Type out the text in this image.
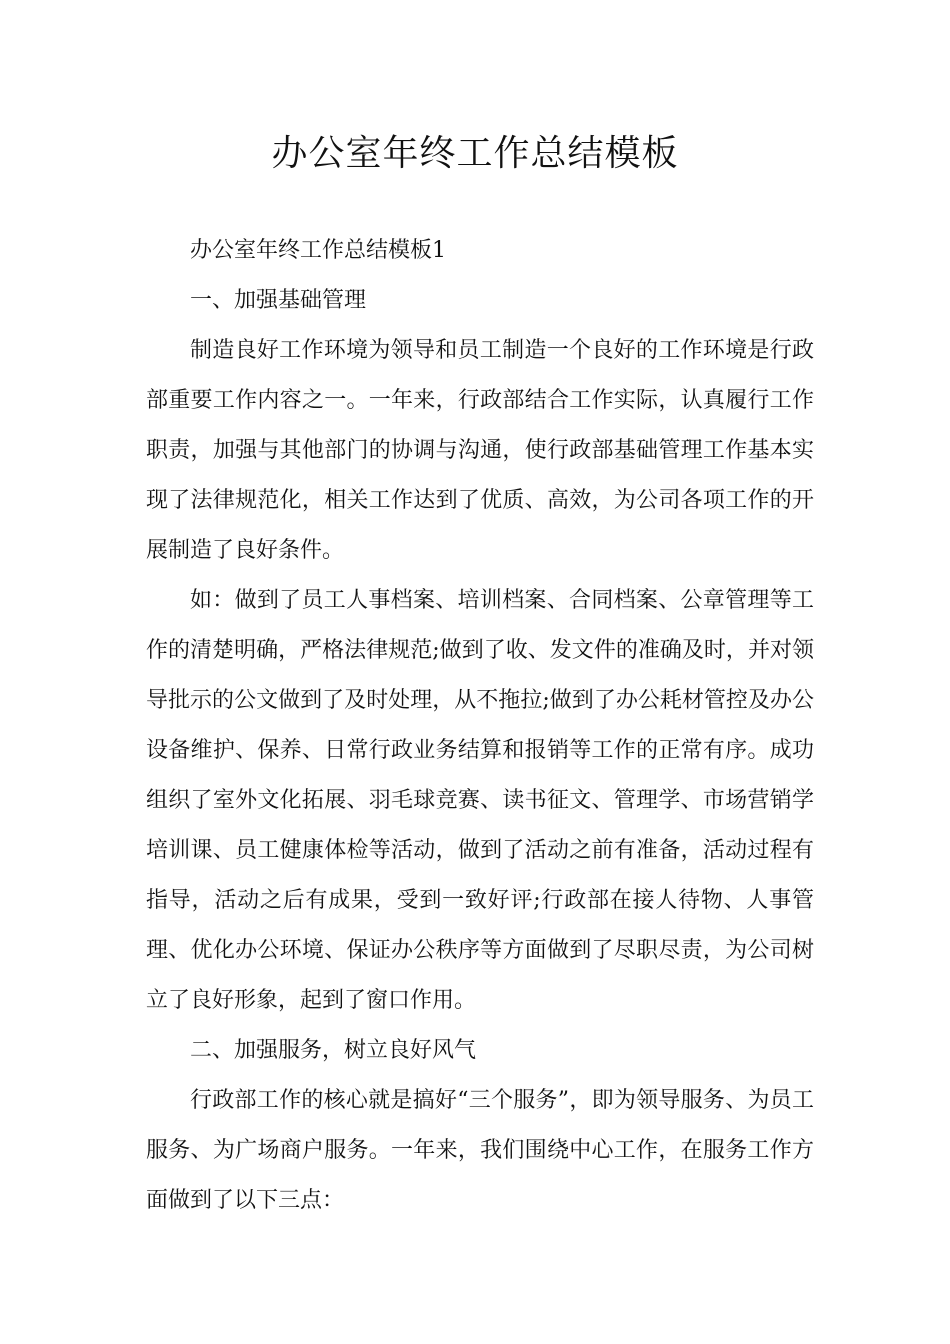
办公室年终工作总结模板

办公室年终工作总结模板1

一、加强基础管理

制造良好工作环境为领导和员工制造一个良好的工作环境是行政部重要工作内容之一。一年来，行政部结合工作实际，认真履行工作职责，加强与其他部门的协调与沟通，使行政部基础管理工作基本实现了法律规范化，相关工作达到了优质、高效，为公司各项工作的开展制造了良好条件。

如：做到了员工人事档案、培训档案、合同档案、公章管理等工作的清楚明确，严格法律规范;做到了收、发文件的准确及时，并对领导批示的公文做到了及时处理，从不拖拉;做到了办公耗材管控及办公设备维护、保养、日常行政业务结算和报销等工作的正常有序。成功组织了室外文化拓展、羽毛球竞赛、读书征文、管理学、市场营销学培训课、员工健康体检等活动，做到了活动之前有准备，活动过程有指导，活动之后有成果，受到一致好评;行政部在接人待物、人事管理、优化办公环境、保证办公秩序等方面做到了尽职尽责，为公司树立了良好形象，起到了窗口作用。

二、加强服务，树立良好风气

行政部工作的核心就是搞好“三个服务”，即为领导服务、为员工服务、为广场商户服务。一年来，我们围绕中心工作，在服务工作方面做到了以下三点：
